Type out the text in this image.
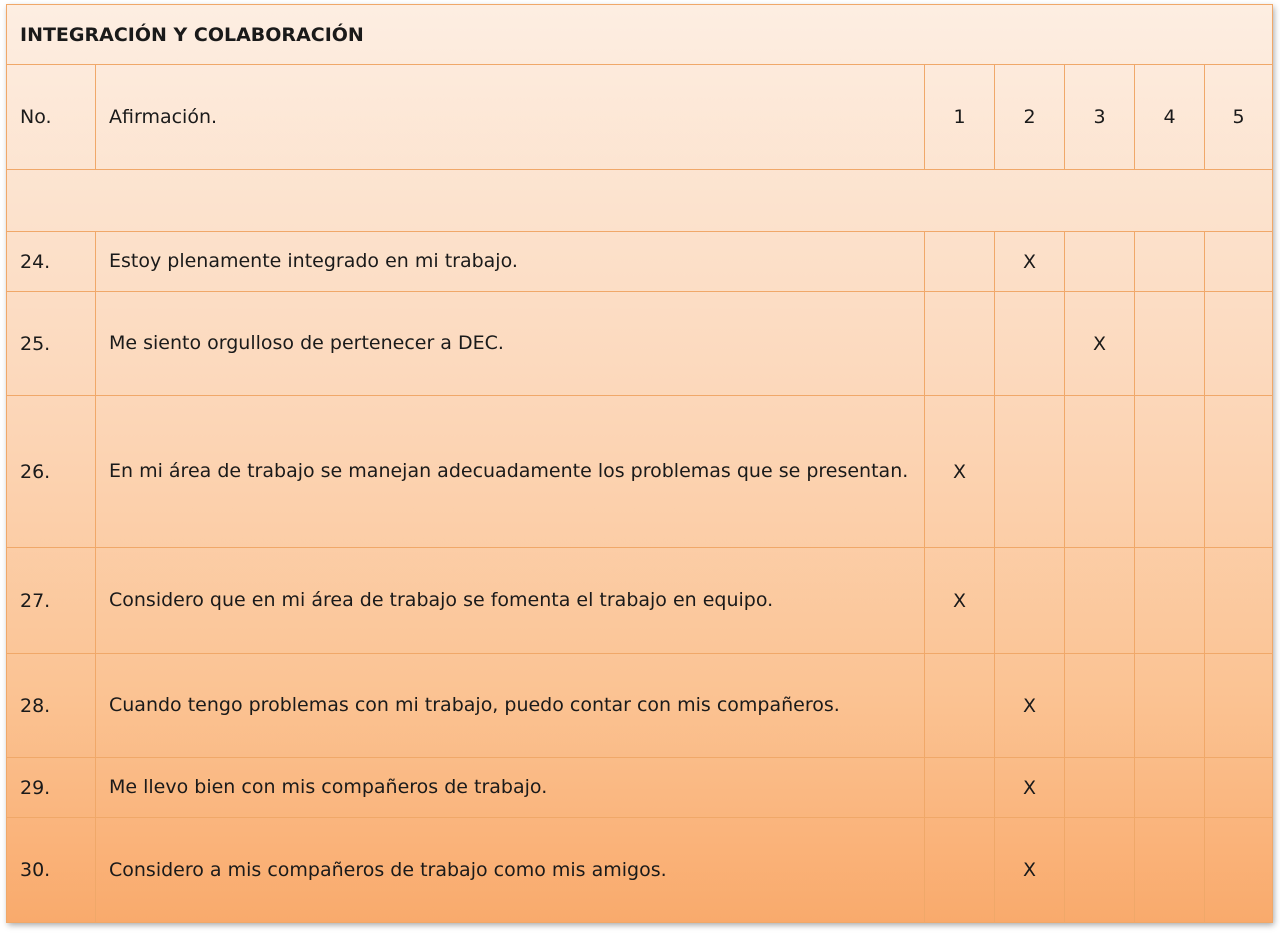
INTEGRACIÓN Y COLABORACIÓN						
No.	Afirmación.	1	2	3	4	5

24.	Estoy plenamente integrado en mi trabajo.		X			
25.	Me siento orgulloso de pertenecer a DEC.			X		
26.	En mi área de trabajo se manejan adecuadamente los problemas que se presentan.	X				
27.	Considero que en mi área de trabajo se fomenta el trabajo en equipo.	X				
28.	Cuando tengo problemas con mi trabajo, puedo contar con mis compañeros.		X			
29.	Me llevo bien con mis compañeros de trabajo.		X			
30.	Considero a mis compañeros de trabajo como mis amigos.		X			
